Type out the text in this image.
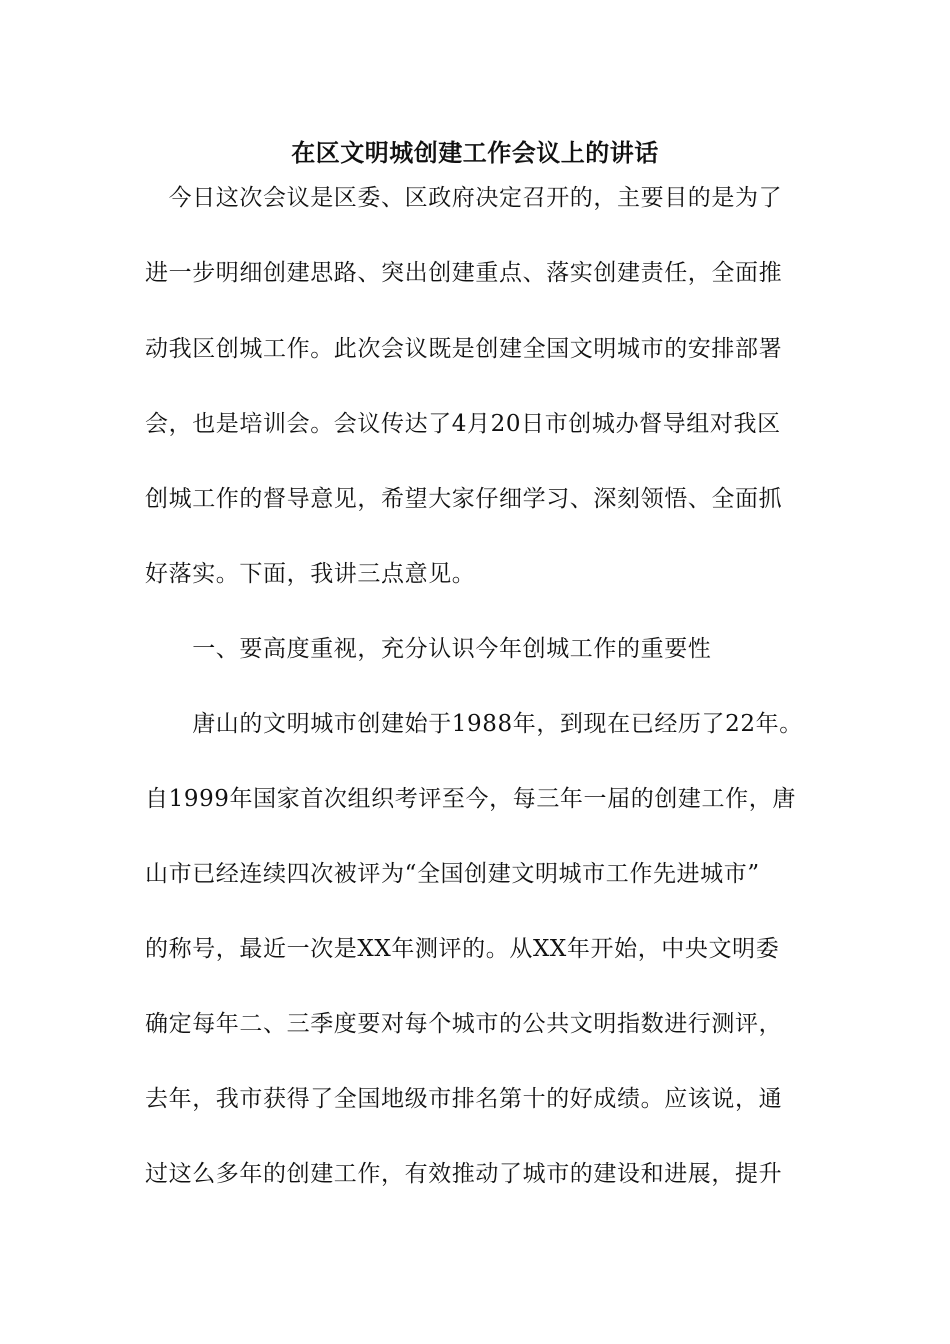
在区文明城创建工作会议上的讲话
　今日这次会议是区委、区政府决定召开的，主要目的是为了
进一步明细创建思路、突出创建重点、落实创建责任，全面推
动我区创城工作。此次会议既是创建全国文明城市的安排部署
会，也是培训会。会议传达了4月20日市创城办督导组对我区
创城工作的督导意见，希望大家仔细学习、深刻领悟、全面抓
好落实。下面，我讲三点意见。
　　一、要高度重视，充分认识今年创城工作的重要性
　　唐山的文明城市创建始于1988年，到现在已经历了22年。
自1999年国家首次组织考评至今，每三年一届的创建工作，唐
山市已经连续四次被评为“全国创建文明城市工作先进城市”
的称号，最近一次是XX年测评的。从XX年开始，中央文明委
确定每年二、三季度要对每个城市的公共文明指数进行测评，
去年，我市获得了全国地级市排名第十的好成绩。应该说，通
过这么多年的创建工作，有效推动了城市的建设和进展，提升
